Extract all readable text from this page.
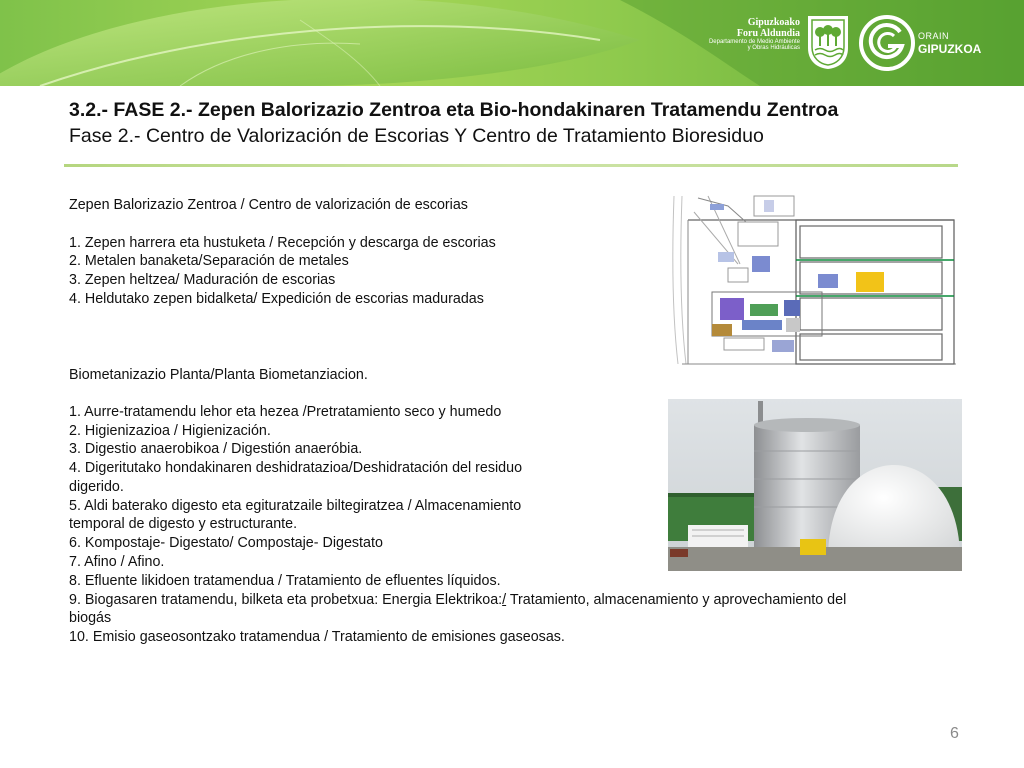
Gipuzkoako
Foru Aldundia
Departamento de Medio Ambiente
y Obras Hidráulicas
ORAIN
GIPUZKOA
3.2.- FASE 2.- Zepen Balorizazio Zentroa eta Bio-hondakinaren Tratamendu Zentroa
Fase 2.- Centro de Valorización de Escorias Y Centro de Tratamiento Bioresiduo
Zepen Balorizazio Zentroa / Centro de valorización de escorias
1. Zepen harrera eta hustuketa / Recepción y descarga de escorias
2. Metalen banaketa/Separación de metales
3. Zepen heltzea/ Maduración de escorias
4. Heldutako zepen bidalketa/ Expedición de escorias maduradas
Biometanizazio Planta/Planta Biometanziacion.
1. Aurre-tratamendu lehor eta hezea /Pretratamiento seco y humedo
2. Higienizazioa / Higienización.
3. Digestio anaerobikoa / Digestión anaeróbia.
4. Digeritutako hondakinaren deshidratazioa/Deshidratación del residuo
digerido.
5. Aldi baterako digesto eta egituratzaile biltegiratzea / Almacenamiento
temporal de digesto y estructurante.
6. Kompostaje- Digestato/ Compostaje- Digestato
7. Afino / Afino.
8. Efluente likidoen tratamendua / Tratamiento de efluentes líquidos.
9. Biogasaren tratamendu, bilketa eta probetxua: Energia Elektrikoa:/ Tratamiento, almacenamiento y aprovechamiento del
biogás
10. Emisio gaseosontzako tratamendua / Tratamiento de emisiones gaseosas.
6
